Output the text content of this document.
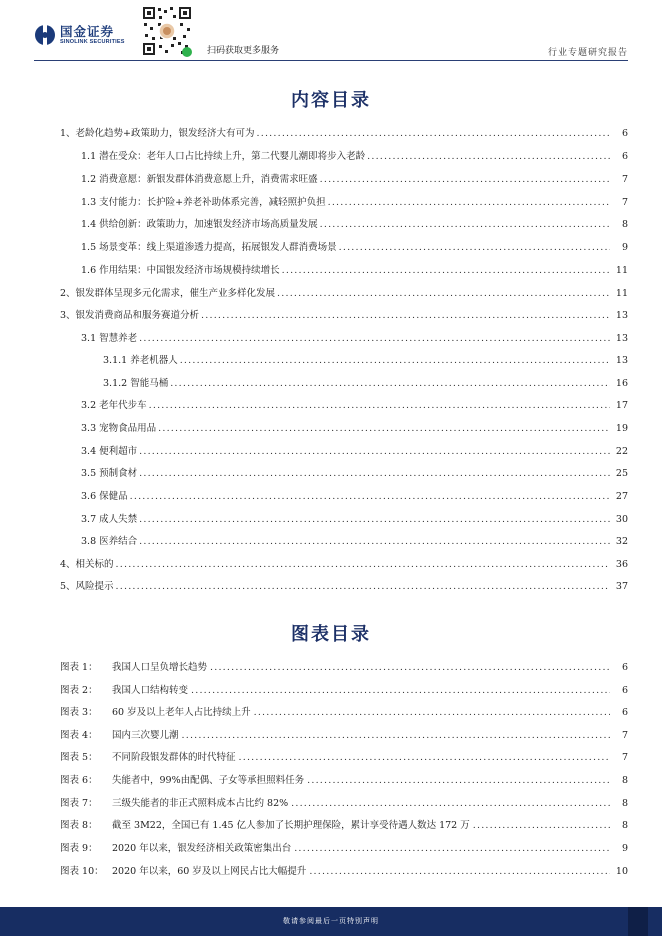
国金证券
SINOLINK SECURITIES
扫码获取更多服务	行业专题研究报告
内容目录
1、老龄化趋势+政策助力，银发经济大有可为 .....	6
1.1 潜在受众：老年人口占比持续上升，第二代婴儿潮即将步入老龄 .....	6
1.2 消费意愿：新银发群体消费意愿上升，消费需求旺盛 .....	7
1.3 支付能力：长护险+养老补助体系完善，减轻照护负担 .....	7
1.4 供给创新：政策助力，加速银发经济市场高质量发展 .....	8
1.5 场景变革：线上渠道渗透力提高，拓展银发人群消费场景 .....	9
1.6 作用结果：中国银发经济市场规模持续增长 .....	11
2、银发群体呈现多元化需求，催生产业多样化发展 .....	11
3、银发消费商品和服务赛道分析 .....	13
3.1 智慧养老 .....	13
3.1.1 养老机器人 .....	13
3.1.2 智能马桶 .....	16
3.2 老年代步车 .....	17
3.3 宠物食品用品 .....	19
3.4 便利超市 .....	22
3.5 预制食材 .....	25
3.6 保健品 .....	27
3.7 成人失禁 .....	30
3.8 医养结合 .....	32
4、相关标的 .....	36
5、风险提示 .....	37
图表目录
图表 1：	我国人口呈负增长趋势 .....	6
图表 2：	我国人口结构转变 .....	6
图表 3：	60 岁及以上老年人占比持续上升 .....	6
图表 4：	国内三次婴儿潮 .....	7
图表 5：	不同阶段银发群体的时代特征 .....	7
图表 6：	失能者中，99%由配偶、子女等承担照料任务 .....	8
图表 7：	三级失能者的非正式照料成本占比约 82% .....	8
图表 8：	截至 3M22，全国已有 1.45 亿人参加了长期护理保险，累计享受待遇人数达 172 万 .....	8
图表 9：	2020 年以来，银发经济相关政策密集出台 .....	9
图表 10： 2020 年以来，60 岁及以上网民占比大幅提升 .....	10
敬请参阅最后一页特别声明
